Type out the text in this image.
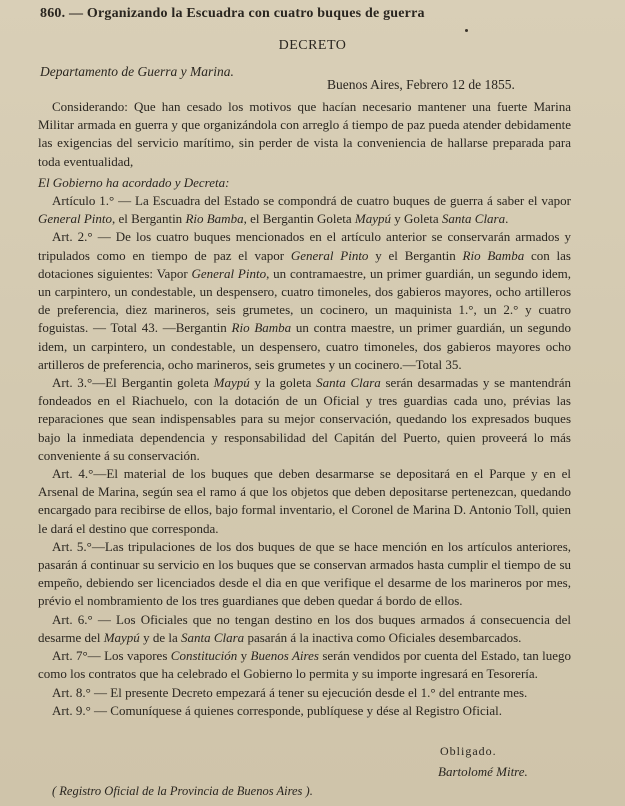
860. — Organizando la Escuadra con cuatro buques de guerra
DECRETO
Departamento de Guerra y Marina.
Buenos Aires, Febrero 12 de 1855.

Considerando: Que han cesado los motivos que hacían necesario mantener una fuerte Marina Militar armada en guerra y que organizándola con arreglo á tiempo de paz pueda atender debidamente las exigencias del servicio marítimo, sin perder de vista la conveniencia de hallarse preparada para toda eventualidad,

El Gobierno ha acordado y Decreta:

Artículo 1.° — La Escuadra del Estado se compondrá de cuatro buques de guerra á saber el vapor General Pinto, el Bergantin Rio Bamba, el Bergantin Goleta Maypú y Goleta Santa Clara.

Art. 2.° — De los cuatro buques mencionados en el artículo anterior se conservarán armados y tripulados como en tiempo de paz el vapor General Pinto y el Bergantin Rio Bamba con las dotaciones siguientes: Vapor General Pinto, un contramaestre, un primer guardián, un segundo idem, un carpintero, un condestable, un despensero, cuatro timoneles, dos gabieros mayores, ocho artilleros de preferencia, diez marineros, seis grumetes, un cocinero, un maquinista 1.°, un 2.° y cuatro foguistas. — Total 43. —Bergantin Rio Bamba un contra maestre, un primer guardián, un segundo idem, un carpintero, un condestable, un despensero, cuatro timoneles, dos gabieros mayores ocho artilleros de preferencia, ocho marineros, seis grumetes y un cocinero.—Total 35.

Art. 3.°—El Bergantin goleta Maypú y la goleta Santa Clara serán desarmadas y se mantendrán fondeados en el Riachuelo, con la dotación de un Oficial y tres guardias cada uno, prévias las reparaciones que sean indispensables para su mejor conservación, quedando los expresados buques bajo la inmediata dependencia y responsabilidad del Capitán del Puerto, quien proveerá lo más conveniente á su conservación.

Art. 4.°—El material de los buques que deben desarmarse se depositará en el Parque y en el Arsenal de Marina, según sea el ramo á que los objetos que deben depositarse pertenezcan, quedando encargado para recibirse de ellos, bajo formal inventario, el Coronel de Marina D. Antonio Toll, quien le dará el destino que corresponda.

Art. 5.°—Las tripulaciones de los dos buques de que se hace mención en los artículos anteriores, pasarán á continuar su servicio en los buques que se conservan armados hasta cumplir el tiempo de su empeño, debiendo ser licenciados desde el dia en que verifique el desarme de los marineros por mes, prévio el nombramiento de los tres guardianes que deben quedar á bordo de ellos.

Art. 6.° — Los Oficiales que no tengan destino en los dos buques armados á consecuencia del desarme del Maypú y de la Santa Clara pasarán á la inactiva como Oficiales desembarcados.

Art. 7°— Los vapores Constitución y Buenos Aires serán vendidos por cuenta del Estado, tan luego como los contratos que ha celebrado el Gobierno lo permita y su importe ingresará en Tesorería.

Art. 8.° — El presente Decreto empezará á tener su ejecución desde el 1.° del entrante mes.

Art. 9.° — Comuníquese á quienes corresponde, publíquese y dése al Registro Oficial.

Obligado.
Bartolomé Mitre.
( Registro Oficial de la Provincia de Buenos Aires ).
